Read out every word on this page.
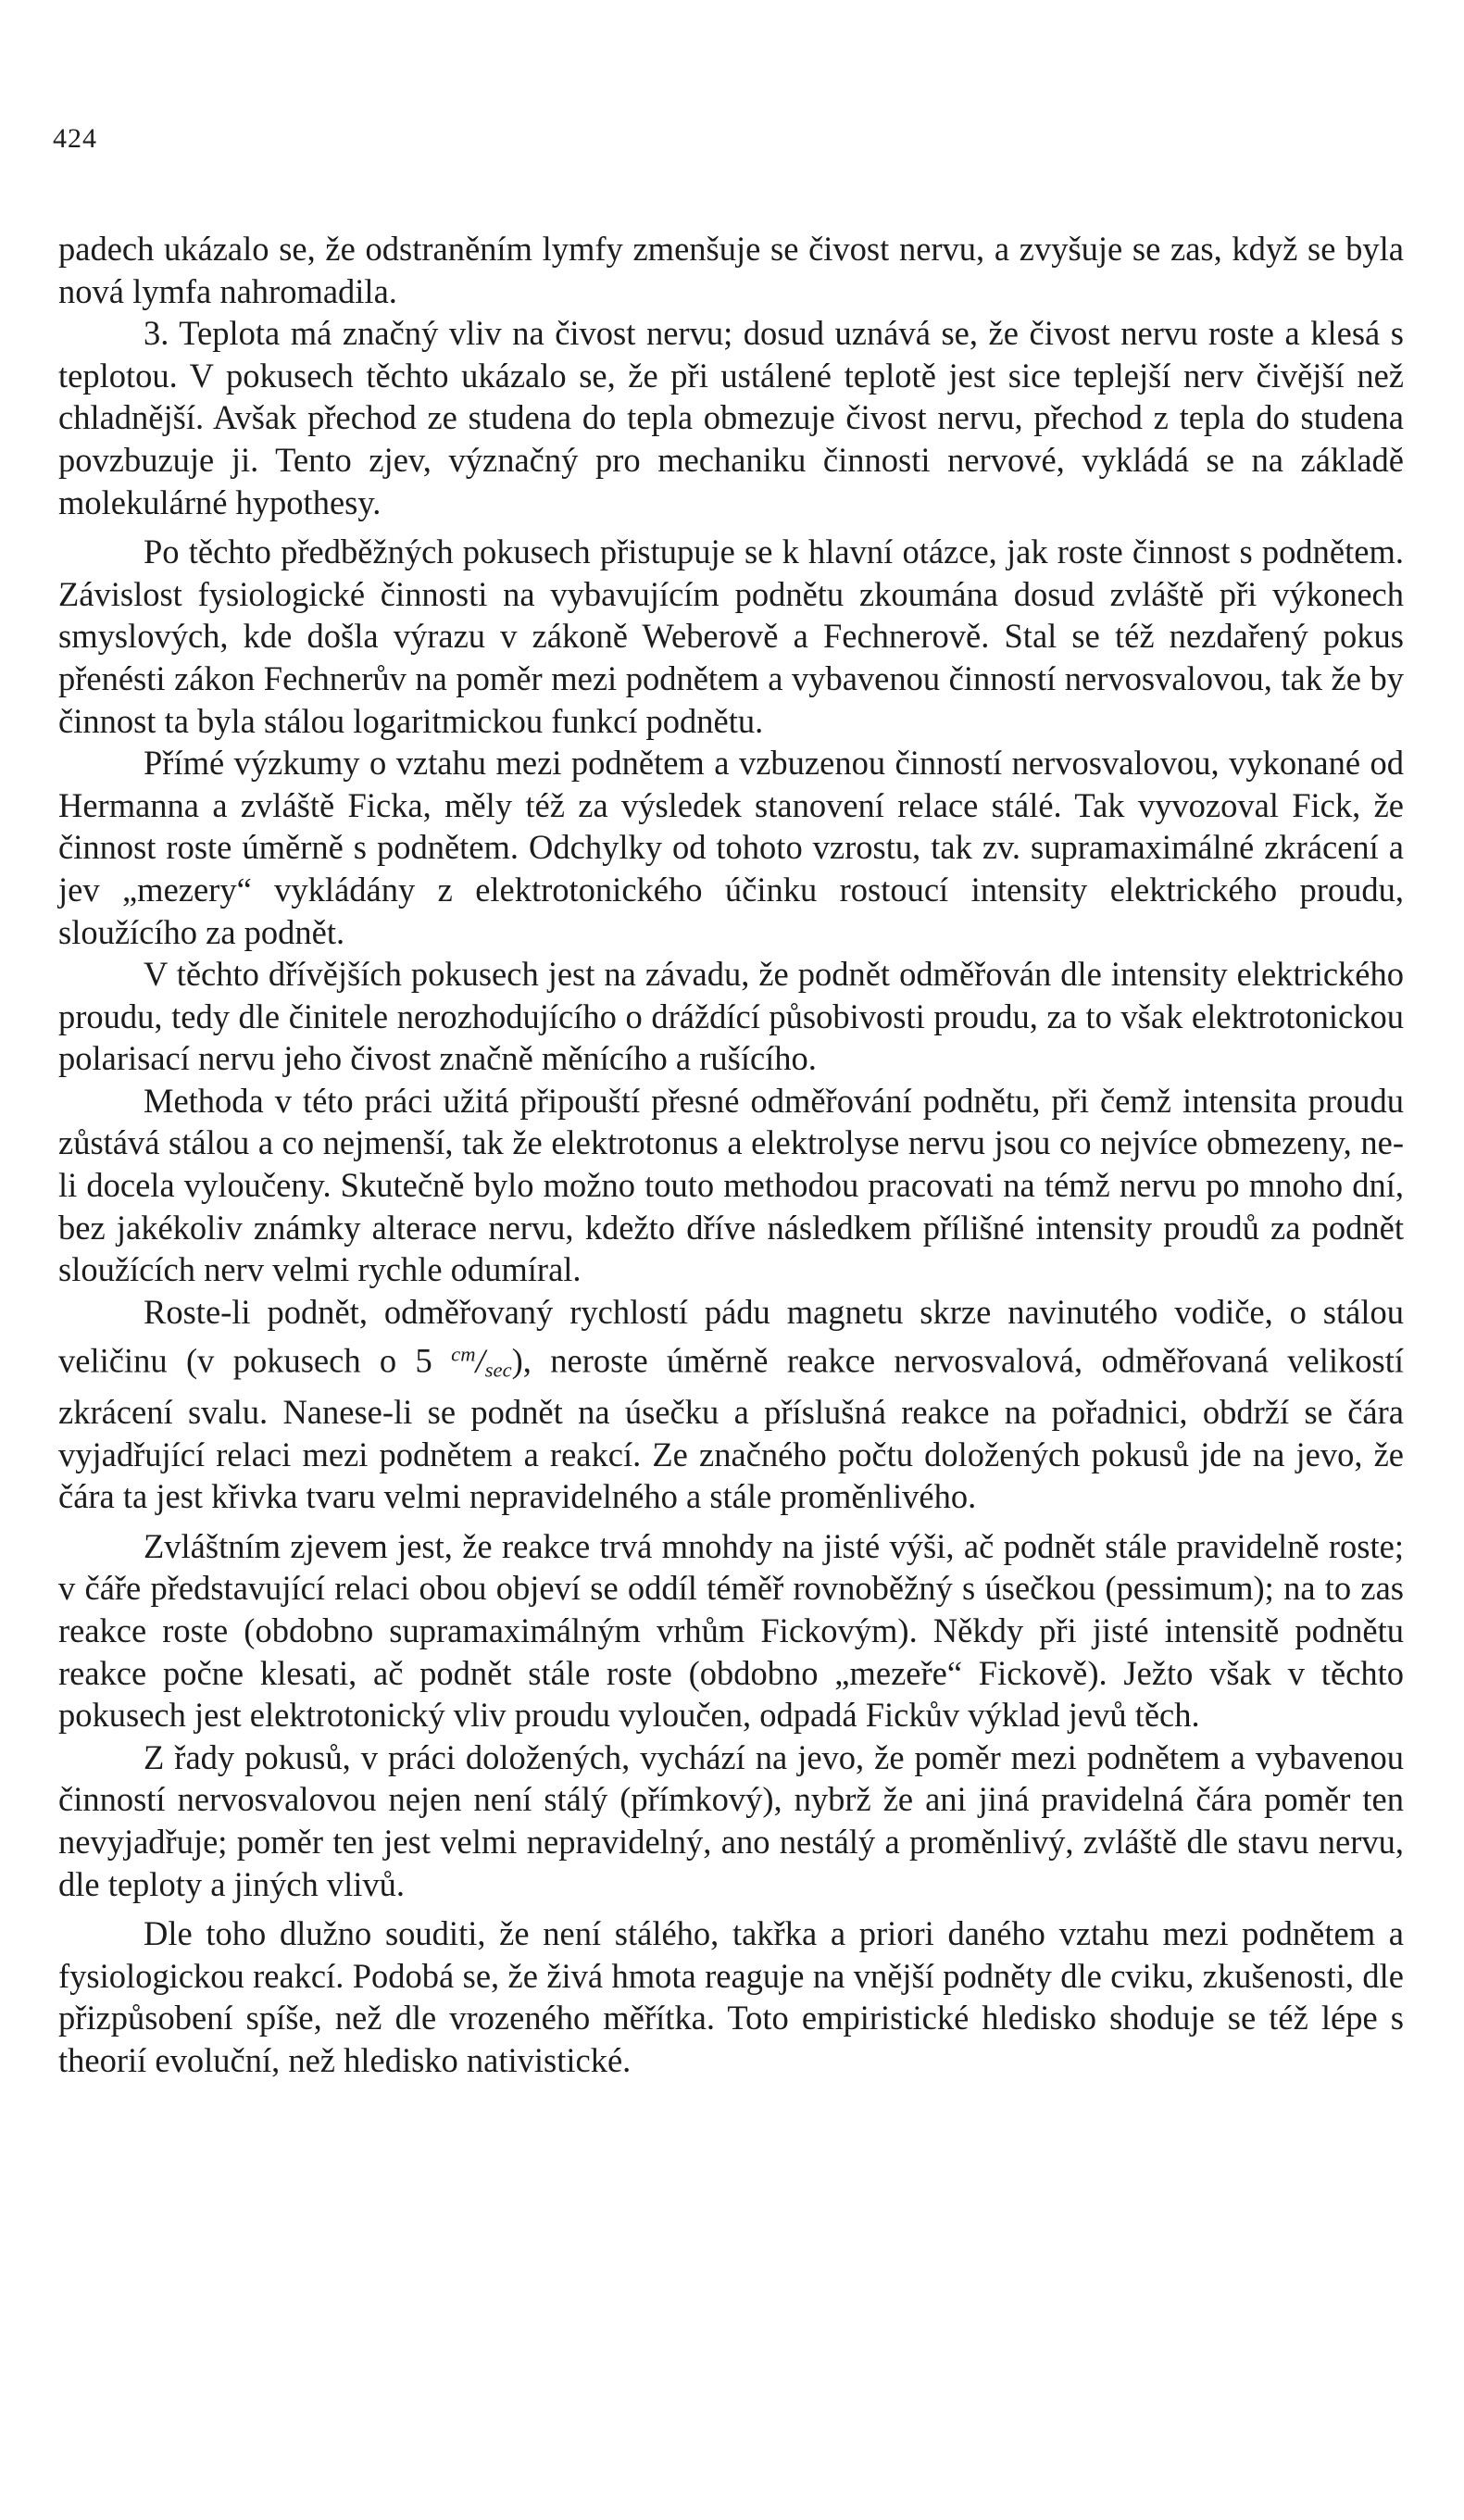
424

padech ukázalo se, že odstraněním lymfy zmenšuje se čivost nervu, a zvyšuje se zas, když se byla nová lymfa nahromadila.

3. Teplota má značný vliv na čivost nervu; dosud uznává se, že čivost nervu roste a klesá s teplotou. V pokusech těchto ukázalo se, že při ustálené teplotě jest sice teplejší nerv čivější než chladnější. Avšak přechod ze studena do tepla obmezuje čivost nervu, přechod z tepla do studena povzbuzuje ji. Tento zjev, význačný pro mechaniku činnosti nervové, vykládá se na základě molekulárné hypothesy.

Po těchto předběžných pokusech přistupuje se k hlavní otázce, jak roste činnost s podnětem. Závislost fysiologické činnosti na vybavujícím podnětu zkoumána dosud zvláště při výkonech smyslových, kde došla výrazu v zákoně Weberově a Fechnerově. Stal se též nezdařený pokus přenésti zákon Fechnerův na poměr mezi podnětem a vybavenou činností nervosvalovou, tak že by činnost ta byla stálou logaritmickou funkcí podnětu.

Přímé výzkumy o vztahu mezi podnětem a vzbuzenou činností nervosvalovou, vykonané od Hermanna a zvláště Ficka, měly též za výsledek stanovení relace stálé. Tak vyvozoval Fick, že činnost roste úměrně s podnětem. Odchylky od tohoto vzrostu, tak zv. supramaximálné zkrácení a jev „mezery“ vykládány z elektrotonického účinku rostoucí intensity elektrického proudu, sloužícího za podnět.

V těchto dřívějších pokusech jest na závadu, že podnět odměřován dle intensity elektrického proudu, tedy dle činitele nerozhodujícího o dráždící působivosti proudu, za to však elektrotonickou polarisací nervu jeho čivost značně měnícího a rušícího.

Methoda v této práci užitá připouští přesné odměřování podnětu, při čemž intensita proudu zůstává stálou a co nejmenší, tak že elektrotonus a elektrolyse nervu jsou co nejvíce obmezeny, ne-li docela vyloučeny. Skutečně bylo možno touto methodou pracovati na témž nervu po mnoho dní, bez jakékoliv známky alterace nervu, kdežto dříve následkem přílišné intensity proudů za podnět sloužících nerv velmi rychle odumíral.

Roste-li podnět, odměřovaný rychlostí pádu magnetu skrze navinutého vodiče, o stálou veličinu (v pokusech o 5 $^{cm}/_{sec}$), neroste úměrně reakce nervosvalová, odměřovaná velikostí zkrácení svalu. Nanese-li se podnět na úsečku a příslušná reakce na pořadnici, obdrží se čára vyjadřující relaci mezi podnětem a reakcí. Ze značného počtu doložených pokusů jde na jevo, že čára ta jest křivka tvaru velmi nepravidelného a stále proměnlivého.

Zvláštním zjevem jest, že reakce trvá mnohdy na jisté výši, ač podnět stále pravidelně roste; v čáře představující relaci obou objeví se oddíl téměř rovnoběžný s úsečkou (pessimum); na to zas reakce roste (obdobno supramaximálným vrhům Fickovým). Někdy při jisté intensitě podnětu reakce počne klesati, ač podnět stále roste (obdobno „mezeře“ Fickově). Ježto však v těchto pokusech jest elektrotonický vliv proudu vyloučen, odpadá Fickův výklad jevů těch.

Z řady pokusů, v práci doložených, vychází na jevo, že poměr mezi podnětem a vybavenou činností nervosvalovou nejen není stálý (přímkový), nybrž že ani jiná pravidelná čára poměr ten nevyjadřuje; poměr ten jest velmi nepravidelný, ano nestálý a proměnlivý, zvláště dle stavu nervu, dle teploty a jiných vlivů.

Dle toho dlužno souditi, že není stálého, takřka a priori daného vztahu mezi podnětem a fysiologickou reakcí. Podobá se, že živá hmota reaguje na vnější podněty dle cviku, zkušenosti, dle přizpůsobení spíše, než dle vrozeného měřítka. Toto empiristické hledisko shoduje se též lépe s theorií evoluční, než hledisko nativistické.
